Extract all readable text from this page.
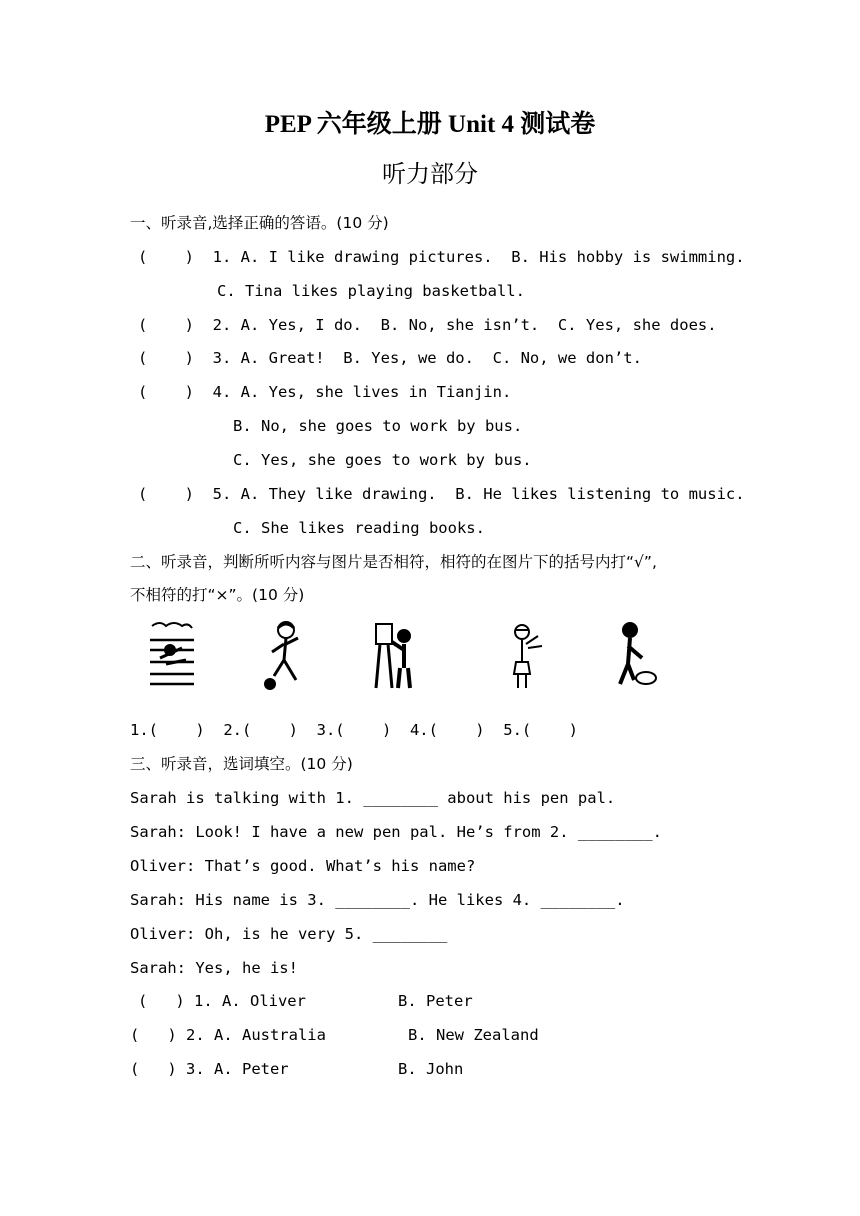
PEP 六年级上册 Unit 4 测试卷
听力部分
一、听录音,选择正确的答语。(10 分)
(    )  1. A. I like drawing pictures.  B. His hobby is swimming.
C. Tina likes playing basketball.
(    )  2. A. Yes, I do.  B. No, she isn’t.  C. Yes, she does.
(    )  3. A. Great!  B. Yes, we do.  C. No, we don’t.
(    )  4. A. Yes, she lives in Tianjin.
B. No, she goes to work by bus.
C. Yes, she goes to work by bus.
(    )  5. A. They like drawing.  B. He likes listening to music.
C. She likes reading books.
二、听录音，判断所听内容与图片是否相符，相符的在图片下的括号内打“√”,
不相符的打“×”。(10 分)
1.(    )  2.(    )  3.(    )  4.(    )  5.(    )
三、听录音，选词填空。(10 分)
Sarah is talking with 1. ________ about his pen pal.
Sarah: Look! I have a new pen pal. He’s from 2. ________.
Oliver: That’s good. What’s his name?
Sarah: His name is 3. ________. He likes 4. ________.
Oliver: Oh, is he very 5. ________
Sarah: Yes, he is!
(   ) 1. A. Oliver	B. Peter
(   ) 2. A. Australia	B. New Zealand
(   ) 3. A. Peter	B. John
